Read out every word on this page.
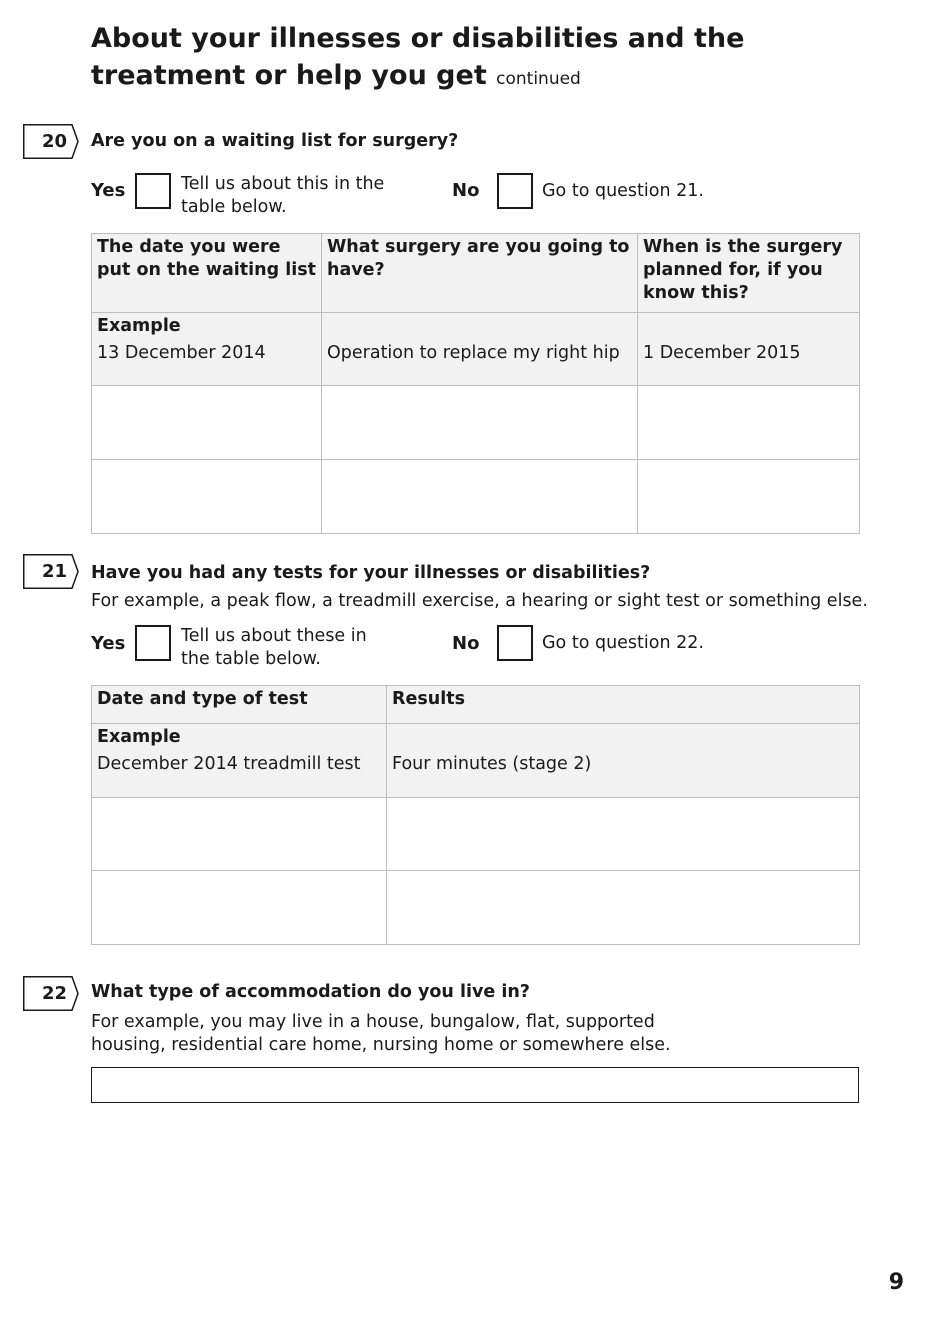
About your illnesses or disabilities and the treatment or help you get continued
20 Are you on a waiting list for surgery?
Yes	Tell us about this in the table below.
No	Go to question 21.
The date you were put on the waiting list	What surgery are you going to have?	When is the surgery planned for, if you know this?

Example
13 December 2014	Operation to replace my right hip	1 December 2015

21 Have you had any tests for your illnesses or disabilities?
For example, a peak flow, a treadmill exercise, a hearing or sight test or something else.
Yes	Tell us about these in the table below.
No	Go to question 22.
Date and type of test	Results

Example
December 2014 treadmill test	Four minutes (stage 2)

22 What type of accommodation do you live in?
For example, you may live in a house, bungalow, flat, supported housing, residential care home, nursing home or somewhere else.
9
